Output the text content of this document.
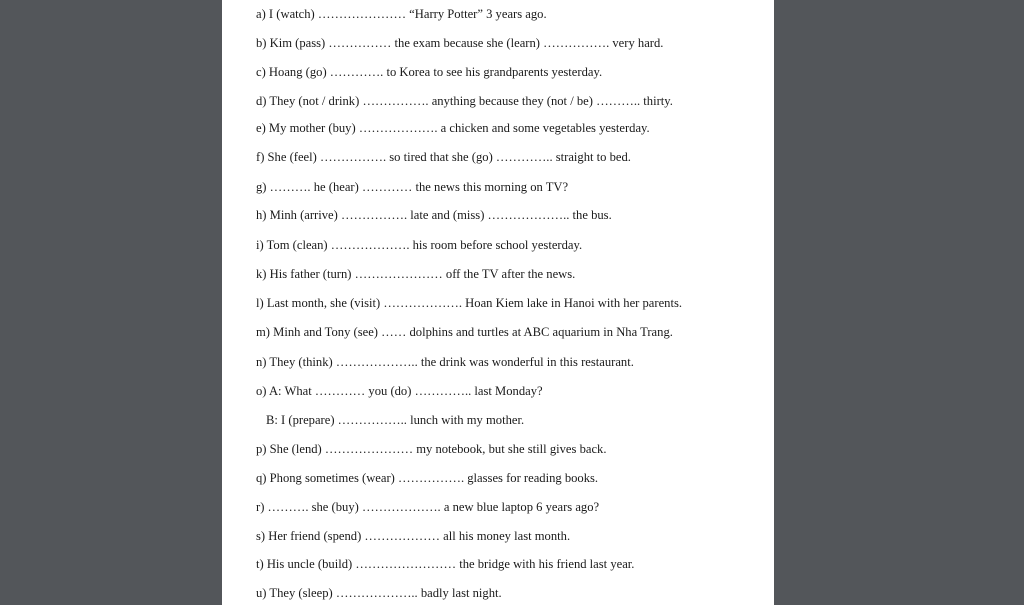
a) I (watch) ………………… “Harry Potter” 3 years ago.
b) Kim (pass) …………… the exam because she (learn) ……………. very hard.
c) Hoang (go) …………. to Korea to see his grandparents yesterday.
d) They (not / drink) ……………. anything because they (not / be) ……….. thirty.
e) My mother (buy) ………………. a chicken and some vegetables yesterday.
f) She (feel) ……………. so tired that she (go) ………….. straight to bed.
g) ………. he (hear) ………… the news this morning on TV?
h) Minh (arrive) ……………. late and (miss) ……………….. the bus.
i) Tom (clean) ………………. his room before school yesterday.
k) His father (turn) ………………… off the TV after the news.
l) Last month, she (visit) ………………. Hoan Kiem lake in Hanoi with her parents.
m) Minh and Tony (see) …… dolphins and turtles at ABC aquarium in Nha Trang.
n) They (think) ……………….. the drink was wonderful in this restaurant.
o) A: What ………… you (do) ………….. last Monday?
B: I (prepare) …………….. lunch with my mother.
p) She (lend) ………………… my notebook, but she still gives back.
q) Phong sometimes (wear) ……………. glasses for reading books.
r) ………. she (buy) ………………. a new blue laptop 6 years ago?
s) Her friend (spend) ……………… all his money last month.
t) His uncle (build) …………………… the bridge with his friend last year.
u) They (sleep) ……………….. badly last night.
